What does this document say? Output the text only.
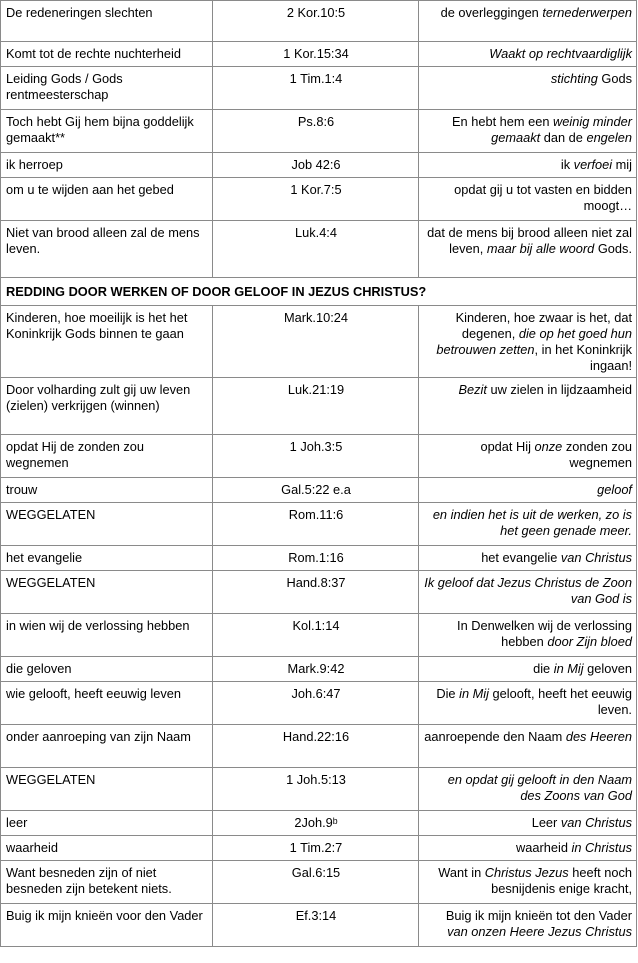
De redeneringen slechten	2 Kor.10:5	de overleggingen ternederwerpen
Komt tot de rechte nuchterheid	1 Kor.15:34	Waakt op rechtvaardiglijk
Leiding Gods / Gods rentmeesterschap	1 Tim.1:4	stichting Gods
Toch hebt Gij hem bijna goddelijk gemaakt**	Ps.8:6	En hebt hem een weinig minder gemaakt dan de engelen
ik herroep	Job 42:6	ik verfoei mij
om u te wijden aan het gebed	1 Kor.7:5	opdat gij u tot vasten en bidden moogt…
Niet van brood alleen zal de mens leven.	Luk.4:4	dat de mens bij brood alleen niet zal leven, maar bij alle woord Gods.
REDDING DOOR WERKEN OF DOOR GELOOF IN JEZUS CHRISTUS?		
Kinderen, hoe moeilijk is het het Koninkrijk Gods binnen te gaan	Mark.10:24	Kinderen, hoe zwaar is het, dat degenen, die op het goed hun betrouwen zetten, in het Koninkrijk ingaan!
Door volharding zult gij uw leven (zielen) verkrijgen (winnen)	Luk.21:19	Bezit uw zielen in lijdzaamheid
opdat Hij de zonden zou wegnemen	1 Joh.3:5	opdat Hij onze zonden zou wegnemen
trouw	Gal.5:22 e.a	geloof
WEGGELATEN	Rom.11:6	en indien het is uit de werken, zo is het geen genade meer.
het evangelie	Rom.1:16	het evangelie van Christus
WEGGELATEN	Hand.8:37	Ik geloof dat Jezus Christus de Zoon van God is
in wien wij de verlossing hebben	Kol.1:14	In Denwelken wij de verlossing hebben door Zijn bloed
die geloven	Mark.9:42	die in Mij geloven
wie gelooft, heeft eeuwig leven	Joh.6:47	Die in Mij gelooft, heeft het eeuwig leven.
onder aanroeping van zijn Naam	Hand.22:16	aanroepende den Naam des Heeren
WEGGELATEN	1 Joh.5:13	en opdat gij gelooft in den Naam des Zoons van God
leer	2Joh.9ᵇ	Leer van Christus
waarheid	1 Tim.2:7	waarheid in Christus
Want besneden zijn of niet besneden zijn betekent niets.	Gal.6:15	Want in Christus Jezus heeft noch besnijdenis enige kracht,
Buig ik mijn knieën voor den Vader	Ef.3:14	Buig ik mijn knieën tot den Vader van onzen Heere Jezus Christus
